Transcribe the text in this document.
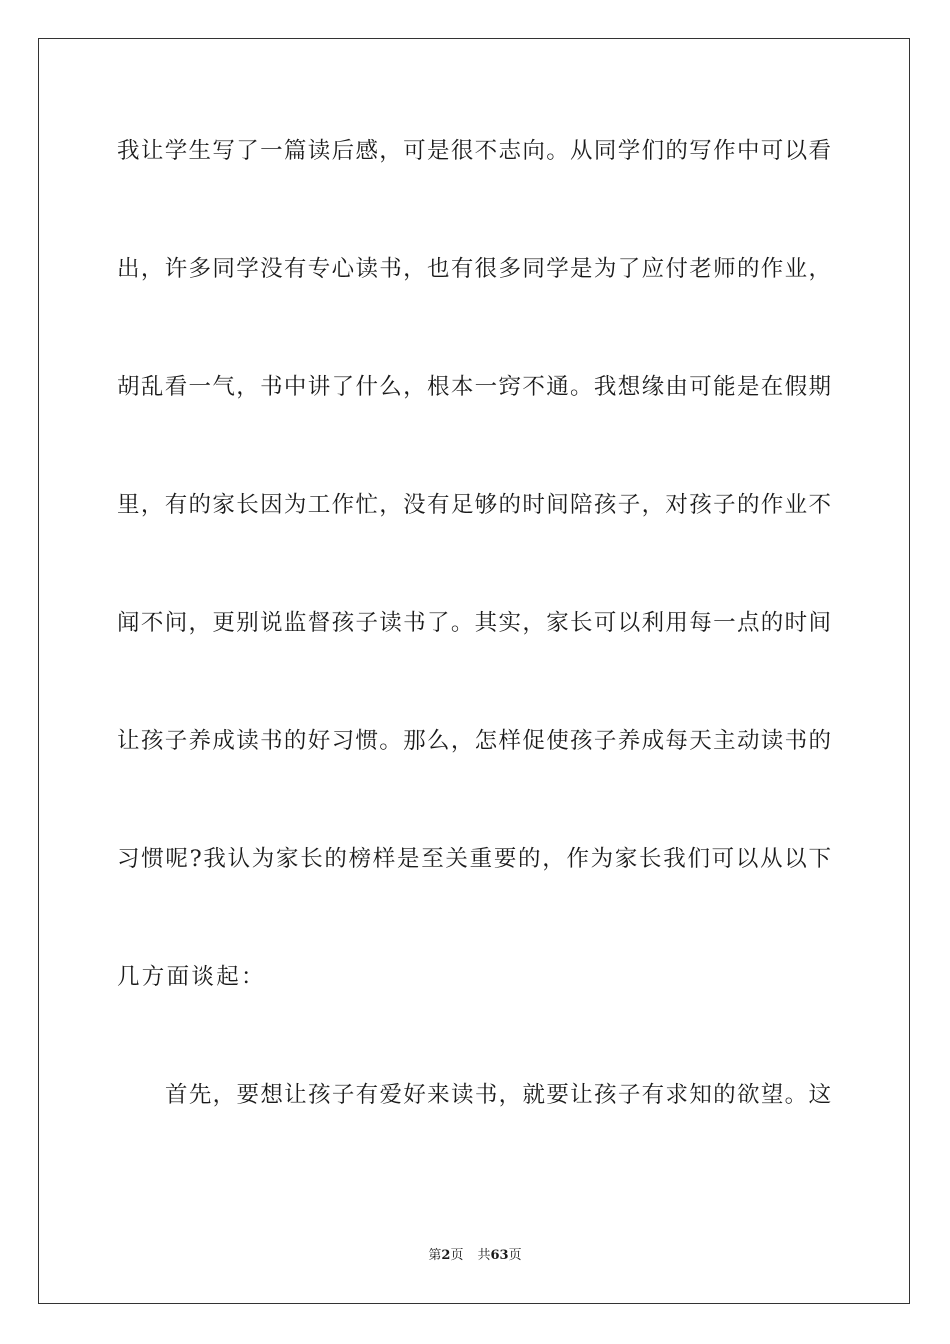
我让学生写了一篇读后感，可是很不志向。从同学们的写作中可以看
出，许多同学没有专心读书，也有很多同学是为了应付老师的作业，
胡乱看一气，书中讲了什么，根本一窍不通。我想缘由可能是在假期
里，有的家长因为工作忙，没有足够的时间陪孩子，对孩子的作业不
闻不问，更别说监督孩子读书了。其实，家长可以利用每一点的时间
让孩子养成读书的好习惯。那么，怎样促使孩子养成每天主动读书的
习惯呢?我认为家长的榜样是至关重要的，作为家长我们可以从以下
几方面谈起：
首先，要想让孩子有爱好来读书，就要让孩子有求知的欲望。这
第2页 共63页
